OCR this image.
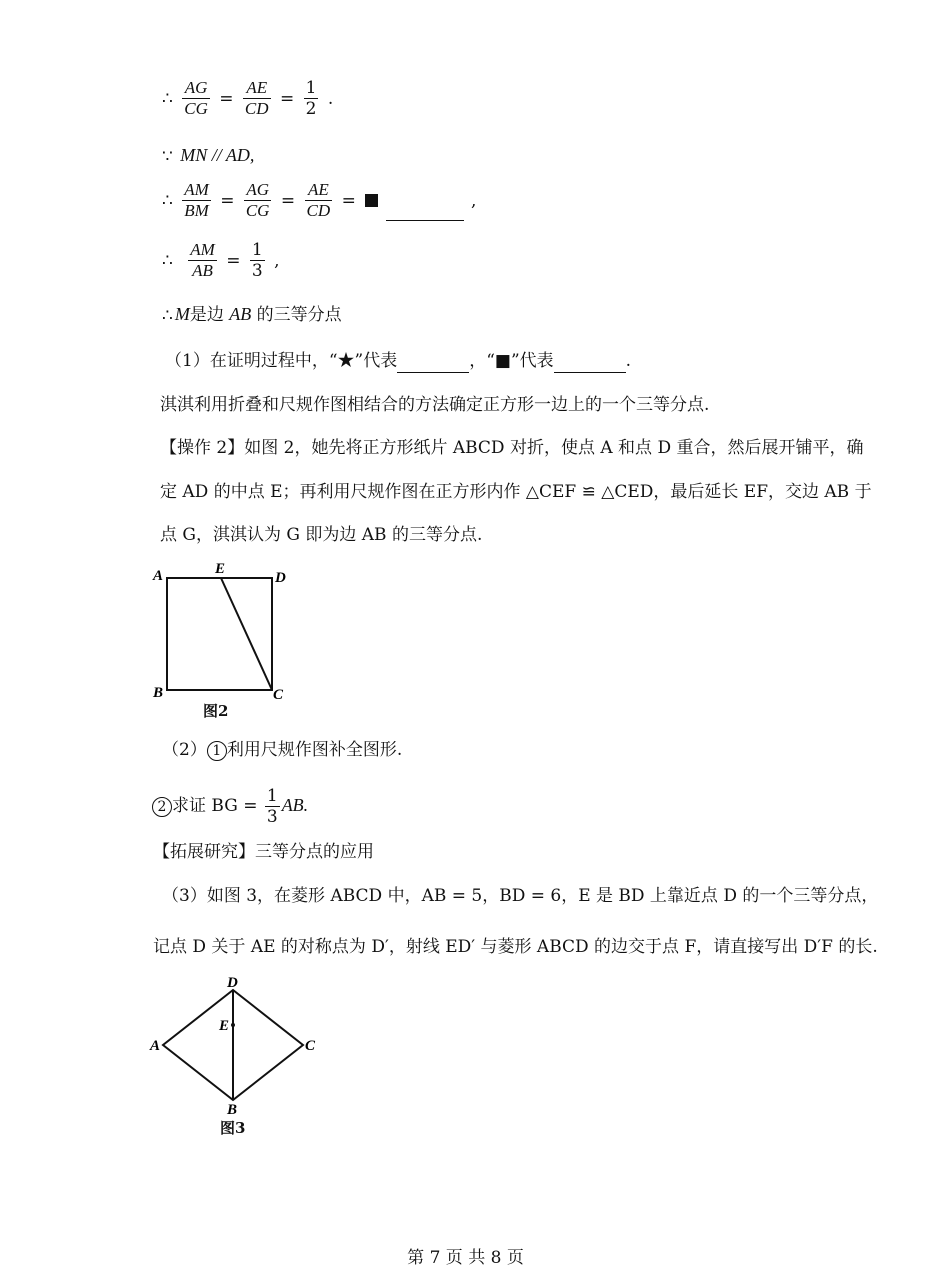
∴ $\frac{AG}{CG} = \frac{AE}{CD} = \frac{1}{2}$ .
∵ MN // AD,
∴ $\frac{AM}{BM} = \frac{AG}{CG} = \frac{AE}{CD}$ =	,
∴ $\frac{AM}{AB} = \frac{1}{3}$ ,
∴ M是边 AB 的三等分点
（1）在证明过程中，“★”代表	，“■”代表	.
淇淇利用折叠和尺规作图相结合的方法确定正方形一边上的一个三等分点.
【操作 2】如图 2，她先将正方形纸片 ABCD 对折，使点 A 和点 D 重合，然后展开铺平，确
定 AD 的中点 E；再利用尺规作图在正方形内作 △CEF ≌ △CED，最后延长 EF，交边 AB 于
点 G，淇淇认为 G 即为边 AB 的三等分点.
A	E
D
B	C
图2
（2） 1 利用尺规作图补全图形.
2 求证 BG = $\frac{1}{3}$ AB.
【拓展研究】三等分点的应用
（3）如图 3，在菱形 ABCD 中，AB = 5，BD = 6，E 是 BD 上靠近点 D 的一个三等分点，
记点 D 关于 AE 的对称点为 D′，射线 ED′ 与菱形 ABCD 的边交于点 F，请直接写出 D′F 的长.
D
A
E
C
B
图3
第 7 页 共 8 页
